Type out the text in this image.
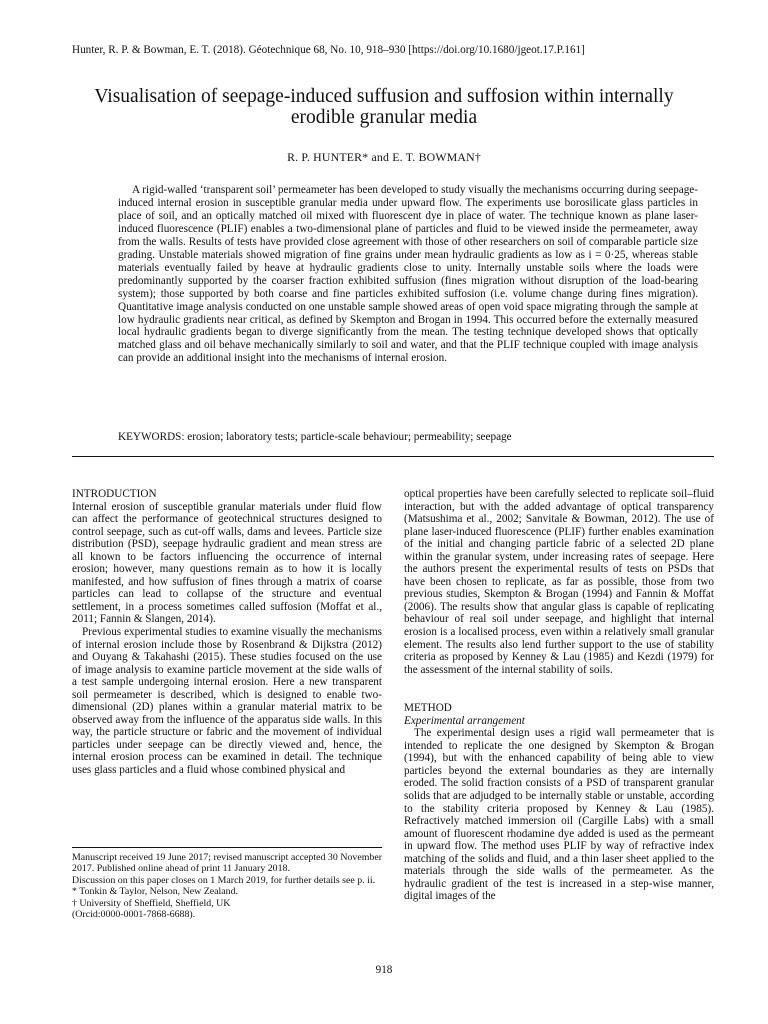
Hunter, R. P. & Bowman, E. T. (2018). Géotechnique 68, No. 10, 918–930 [https://doi.org/10.1680/jgeot.17.P.161]
Visualisation of seepage-induced suffusion and suffosion within internally erodible granular media
R. P. HUNTER* and E. T. BOWMAN†

A rigid-walled ‘transparent soil’ permeameter has been developed to study visually the mechanisms occurring during seepage-induced internal erosion in susceptible granular media under upward flow. The experiments use borosilicate glass particles in place of soil, and an optically matched oil mixed with fluorescent dye in place of water. The technique known as plane laser-induced fluorescence (PLIF) enables a two-dimensional plane of particles and fluid to be viewed inside the permeameter, away from the walls. Results of tests have provided close agreement with those of other researchers on soil of comparable particle size grading. Unstable materials showed migration of fine grains under mean hydraulic gradients as low as i = 0·25, whereas stable materials eventually failed by heave at hydraulic gradients close to unity. Internally unstable soils where the loads were predominantly supported by the coarser fraction exhibited suffusion (fines migration without disruption of the load-bearing system); those supported by both coarse and fine particles exhibited suffosion (i.e. volume change during fines migration). Quantitative image analysis conducted on one unstable sample showed areas of open void space migrating through the sample at low hydraulic gradients near critical, as defined by Skempton and Brogan in 1994. This occurred before the externally measured local hydraulic gradients began to diverge significantly from the mean. The testing technique developed shows that optically matched glass and oil behave mechanically similarly to soil and water, and that the PLIF technique coupled with image analysis can provide an additional insight into the mechanisms of internal erosion.

KEYWORDS: erosion; laboratory tests; particle-scale behaviour; permeability; seepage
INTRODUCTION

Internal erosion of susceptible granular materials under fluid flow can affect the performance of geotechnical structures designed to control seepage, such as cut-off walls, dams and levees. Particle size distribution (PSD), seepage hydraulic gradient and mean stress are all known to be factors influencing the occurrence of internal erosion; however, many questions remain as to how it is locally manifested, and how suffusion of fines through a matrix of coarse particles can lead to collapse of the structure and eventual settlement, in a process sometimes called suffosion (Moffat et al., 2011; Fannin & Slangen, 2014).

Previous experimental studies to examine visually the mechanisms of internal erosion include those by Rosenbrand & Dijkstra (2012) and Ouyang & Takahashi (2015). These studies focused on the use of image analysis to examine particle movement at the side walls of a test sample undergoing internal erosion. Here a new transparent soil permeameter is described, which is designed to enable two-dimensional (2D) planes within a granular material matrix to be observed away from the influence of the apparatus side walls. In this way, the particle structure or fabric and the movement of individual particles under seepage can be directly viewed and, hence, the internal erosion process can be examined in detail. The technique uses glass particles and a fluid whose combined physical and

optical properties have been carefully selected to replicate soil–fluid interaction, but with the added advantage of optical transparency (Matsushima et al., 2002; Sanvitale & Bowman, 2012). The use of plane laser-induced fluorescence (PLIF) further enables examination of the initial and changing particle fabric of a selected 2D plane within the granular system, under increasing rates of seepage. Here the authors present the experimental results of tests on PSDs that have been chosen to replicate, as far as possible, those from two previous studies, Skempton & Brogan (1994) and Fannin & Moffat (2006). The results show that angular glass is capable of replicating behaviour of real soil under seepage, and highlight that internal erosion is a localised process, even within a relatively small granular element. The results also lend further support to the use of stability criteria as proposed by Kenney & Lau (1985) and Kezdi (1979) for the assessment of the internal stability of soils.

METHOD
Experimental arrangement

The experimental design uses a rigid wall permeameter that is intended to replicate the one designed by Skempton & Brogan (1994), but with the enhanced capability of being able to view particles beyond the external boundaries as they are internally eroded. The solid fraction consists of a PSD of transparent granular solids that are adjudged to be internally stable or unstable, according to the stability criteria proposed by Kenney & Lau (1985). Refractively matched immersion oil (Cargille Labs) with a small amount of fluorescent rhodamine dye added is used as the permeant in upward flow. The method uses PLIF by way of refractive index matching of the solids and fluid, and a thin laser sheet applied to the materials through the side walls of the permeameter. As the hydraulic gradient of the test is increased in a step-wise manner, digital images of the

Manuscript received 19 June 2017; revised manuscript accepted 30 November 2017. Published online ahead of print 11 January 2018.

Discussion on this paper closes on 1 March 2019, for further details see p. ii.

* Tonkin & Taylor, Nelson, New Zealand.

† University of Sheffield, Sheffield, UK

(Orcid:0000-0001-7868-6688).

918
